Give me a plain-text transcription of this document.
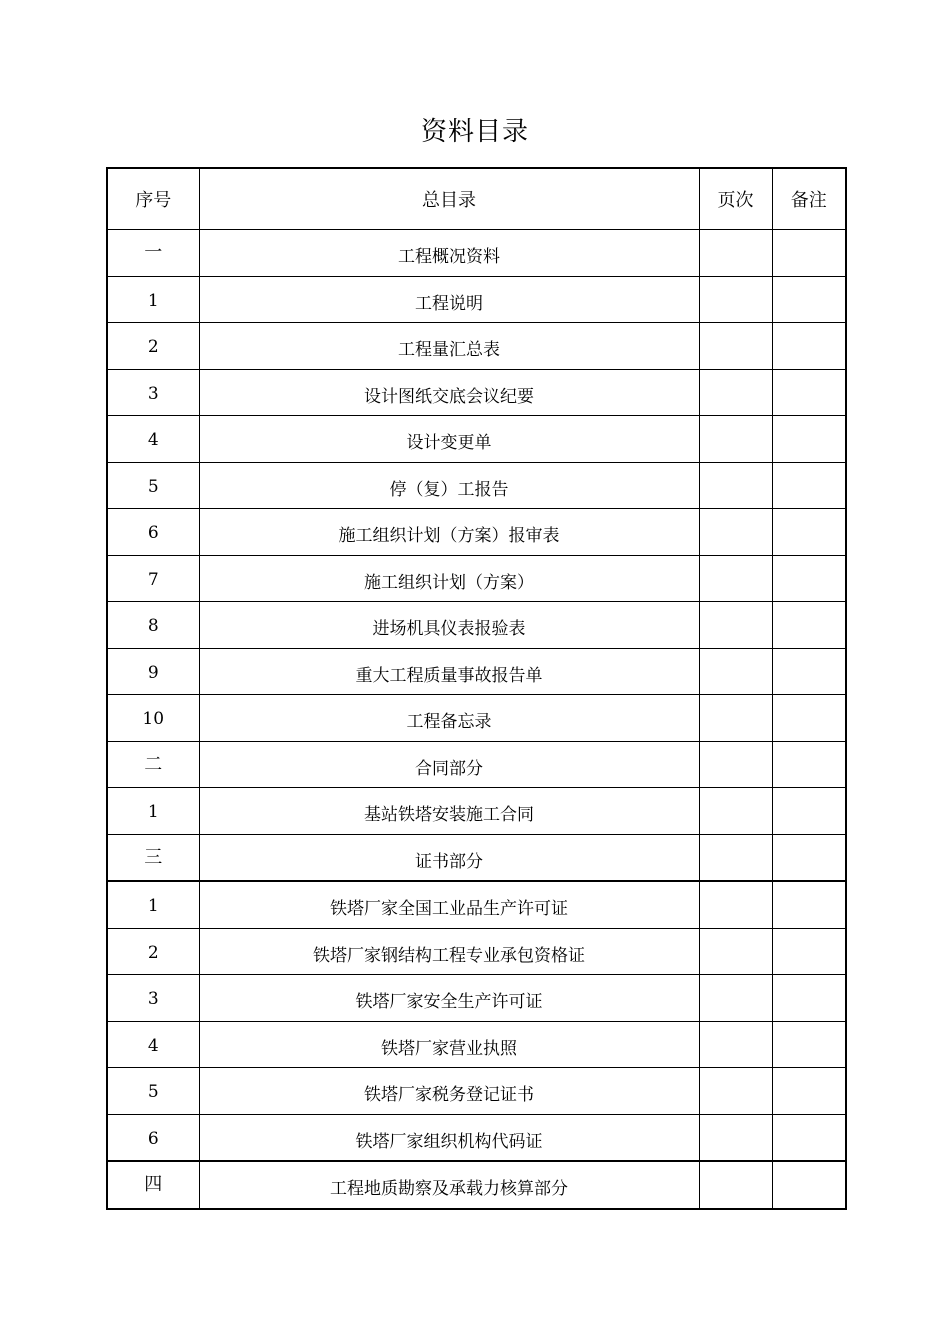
资料目录
序号	总目录	页次	备注
一	工程概况资料		
1	工程说明		
2	工程量汇总表		
3	设计图纸交底会议纪要		
4	设计变更单		
5	停（复）工报告		
6	施工组织计划（方案）报审表		
7	施工组织计划（方案）		
8	进场机具仪表报验表		
9	重大工程质量事故报告单		
10	工程备忘录		
二	合同部分		
1	基站铁塔安装施工合同		
三	证书部分		
1	铁塔厂家全国工业品生产许可证		
2	铁塔厂家钢结构工程专业承包资格证		
3	铁塔厂家安全生产许可证		
4	铁塔厂家营业执照		
5	铁塔厂家税务登记证书		
6	铁塔厂家组织机构代码证		
四	工程地质勘察及承载力核算部分		
